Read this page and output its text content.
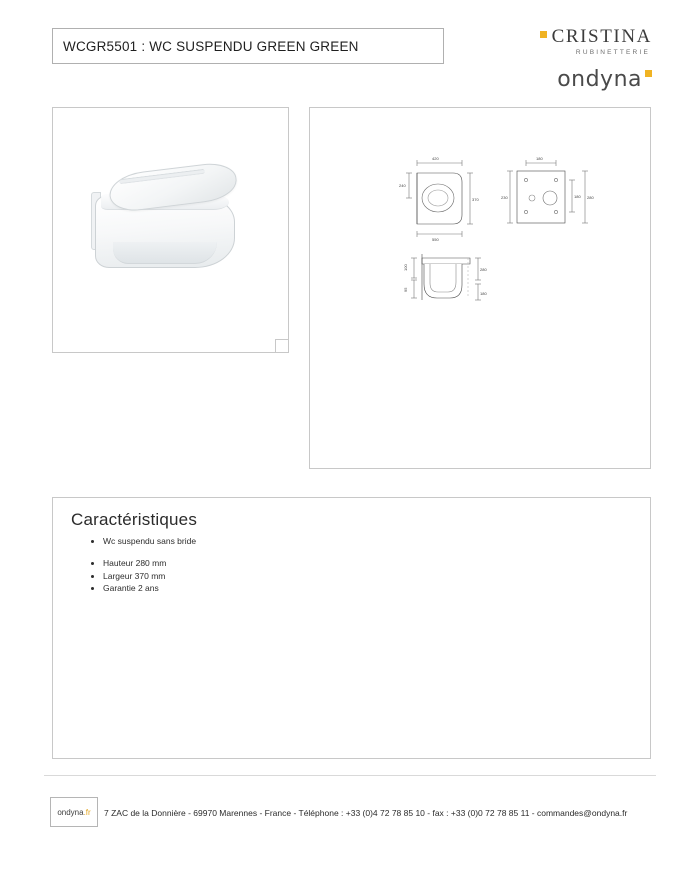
WCGR5501 : WC SUSPENDU GREEN GREEN	CRISTINA
RUBINETTERIE
ondyna
420
240
370
550
180
230	180 280
100
95
280
180
Caractéristiques
• Wc suspendu sans bride
• Hauteur 280 mm
• Largeur 370 mm
• Garantie 2 ans
ondyna.fr 7 ZAC de la Donnière - 69970 Marennes - France - Téléphone : +33 (0)4 72 78 85 10 - fax : +33 (0)0 72 78 85 11 - commandes@ondyna.fr
